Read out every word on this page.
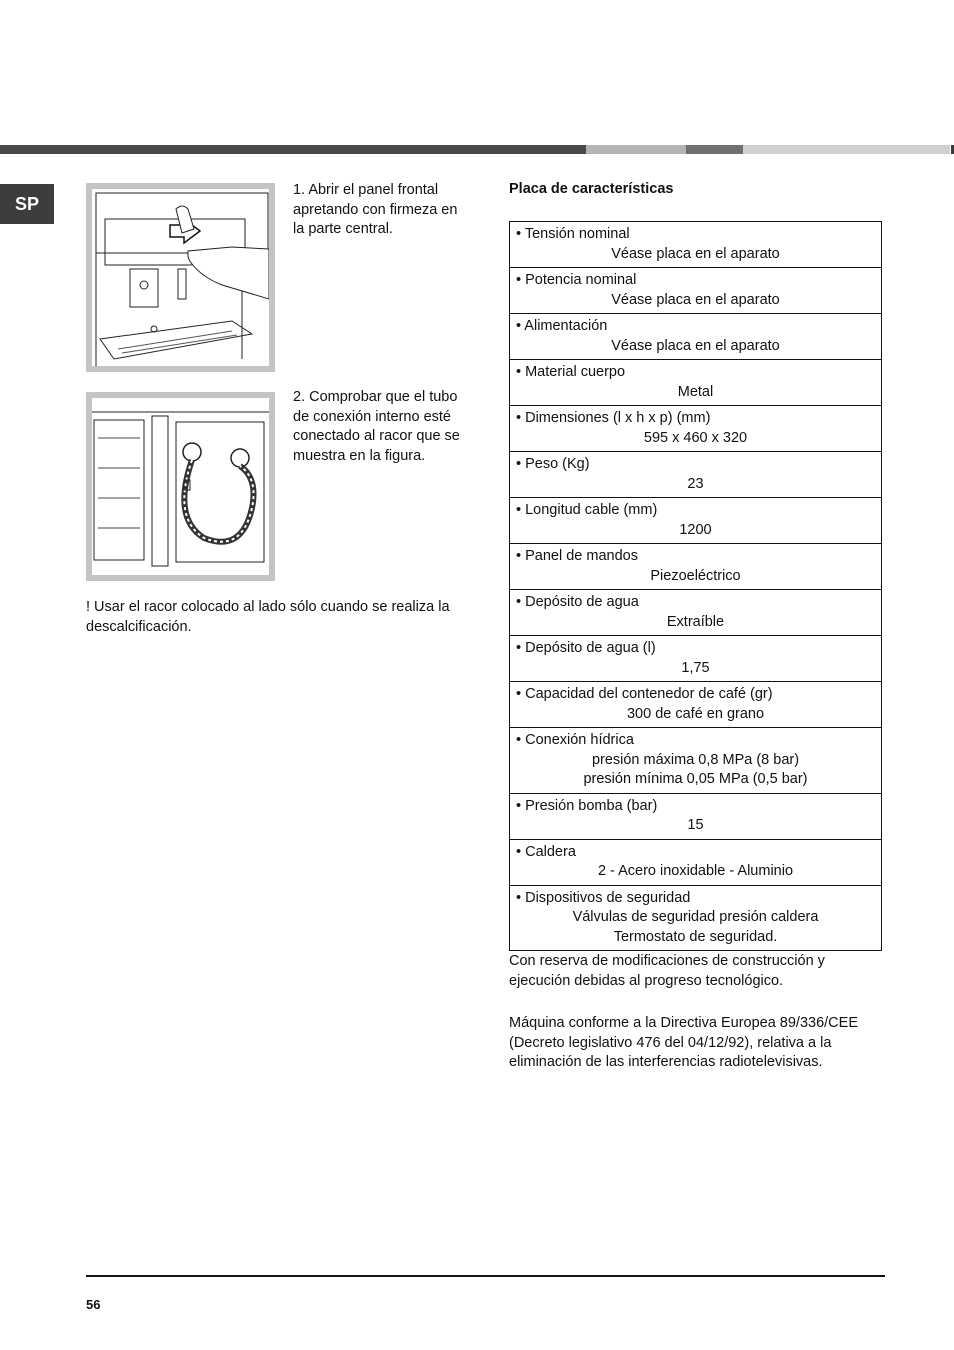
SP
1. Abrir el panel frontal apretando con firmeza en la parte central.
2. Comprobar que el tubo de conexión interno esté conectado al racor que se muestra en la figura.
! Usar el racor colocado al lado sólo cuando se realiza la descalcificación.
Placa de características
• Tensión nominal
Véase placa en el aparato
• Potencia nominal
Véase placa en el aparato
• Alimentación
Véase placa en el aparato
• Material cuerpo
Metal
• Dimensiones (l x h x p) (mm)
595 x 460 x 320
• Peso (Kg)
23
• Longitud cable (mm)
1200
• Panel de mandos
Piezoeléctrico
• Depósito de agua
Extraíble
• Depósito de agua (l)
1,75
• Capacidad del contenedor de café (gr)
300 de café en grano
• Conexión hídrica
presión máxima 0,8 MPa (8 bar)
presión mínima 0,05 MPa (0,5 bar)
• Presión bomba (bar)
15
• Caldera
2 - Acero inoxidable - Aluminio
• Dispositivos de seguridad
Válvulas de seguridad presión caldera
Termostato de seguridad.
Con reserva de modificaciones de construcción y ejecución debidas al progreso tecnológico.
Máquina conforme a la Directiva Europea 89/336/CEE (Decreto legislativo 476 del 04/12/92), relativa a la eliminación de las interferencias radiotelevisivas.
56
